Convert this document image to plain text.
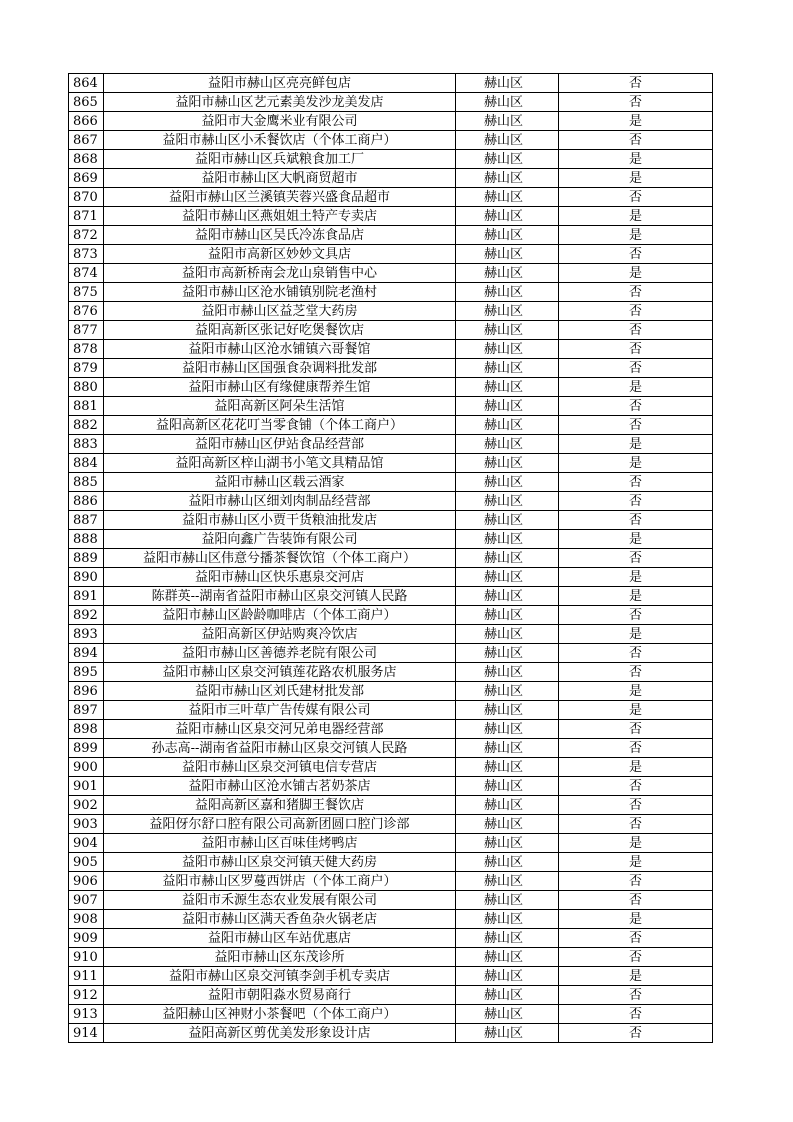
864	益阳市赫山区亮亮鲜包店	赫山区	否
865	益阳市赫山区艺元素美发沙龙美发店	赫山区	否
866	益阳市大金鹰米业有限公司	赫山区	是
867	益阳市赫山区小禾餐饮店（个体工商户）	赫山区	否
868	益阳市赫山区兵斌粮食加工厂	赫山区	是
869	益阳市赫山区大帆商贸超市	赫山区	是
870	益阳市赫山区兰溪镇芙蓉兴盛食品超市	赫山区	否
871	益阳市赫山区燕姐姐土特产专卖店	赫山区	是
872	益阳市赫山区吴氏冷冻食品店	赫山区	是
873	益阳市高新区妙妙文具店	赫山区	否
874	益阳市高新桥南会龙山泉销售中心	赫山区	是
875	益阳市赫山区沧水铺镇别院老渔村	赫山区	否
876	益阳市赫山区益芝堂大药房	赫山区	否
877	益阳高新区张记好吃煲餐饮店	赫山区	否
878	益阳市赫山区沧水铺镇六哥餐馆	赫山区	否
879	益阳市赫山区国强食杂调料批发部	赫山区	否
880	益阳市赫山区有缘健康帮养生馆	赫山区	是
881	益阳高新区阿朵生活馆	赫山区	否
882	益阳高新区花花叮当零食铺（个体工商户）	赫山区	否
883	益阳市赫山区伊站食品经营部	赫山区	是
884	益阳高新区梓山湖书小笔文具精品馆	赫山区	是
885	益阳市赫山区载云酒家	赫山区	否
886	益阳市赫山区细刘肉制品经营部	赫山区	否
887	益阳市赫山区小贾干货粮油批发店	赫山区	否
888	益阳向鑫广告装饰有限公司	赫山区	是
889	益阳市赫山区伟意兮播茶餐饮馆（个体工商户）	赫山区	否
890	益阳市赫山区快乐惠泉交河店	赫山区	是
891	陈群英--湖南省益阳市赫山区泉交河镇人民路	赫山区	是
892	益阳市赫山区龄龄咖啡店（个体工商户）	赫山区	否
893	益阳高新区伊站购爽冷饮店	赫山区	是
894	益阳市赫山区善德养老院有限公司	赫山区	否
895	益阳市赫山区泉交河镇莲花路农机服务店	赫山区	否
896	益阳市赫山区刘氏建材批发部	赫山区	是
897	益阳市三叶草广告传媒有限公司	赫山区	是
898	益阳市赫山区泉交河兄弟电器经营部	赫山区	否
899	孙志高--湖南省益阳市赫山区泉交河镇人民路	赫山区	否
900	益阳市赫山区泉交河镇电信专营店	赫山区	是
901	益阳市赫山区沧水铺古茗奶茶店	赫山区	否
902	益阳高新区嘉和猪脚王餐饮店	赫山区	否
903	益阳伢尔舒口腔有限公司高新团圆口腔门诊部	赫山区	否
904	益阳市赫山区百味佳烤鸭店	赫山区	是
905	益阳市赫山区泉交河镇天健大药房	赫山区	是
906	益阳市赫山区罗蔓西饼店（个体工商户）	赫山区	否
907	益阳市禾源生态农业发展有限公司	赫山区	否
908	益阳市赫山区满天香鱼杂火锅老店	赫山区	是
909	益阳市赫山区车站优惠店	赫山区	否
910	益阳市赫山区东茂诊所	赫山区	否
911	益阳市赫山区泉交河镇李剑手机专卖店	赫山区	是
912	益阳市朝阳淼水贸易商行	赫山区	否
913	益阳赫山区神财小茶餐吧（个体工商户）	赫山区	否
914	益阳高新区剪优美发形象设计店	赫山区	否
